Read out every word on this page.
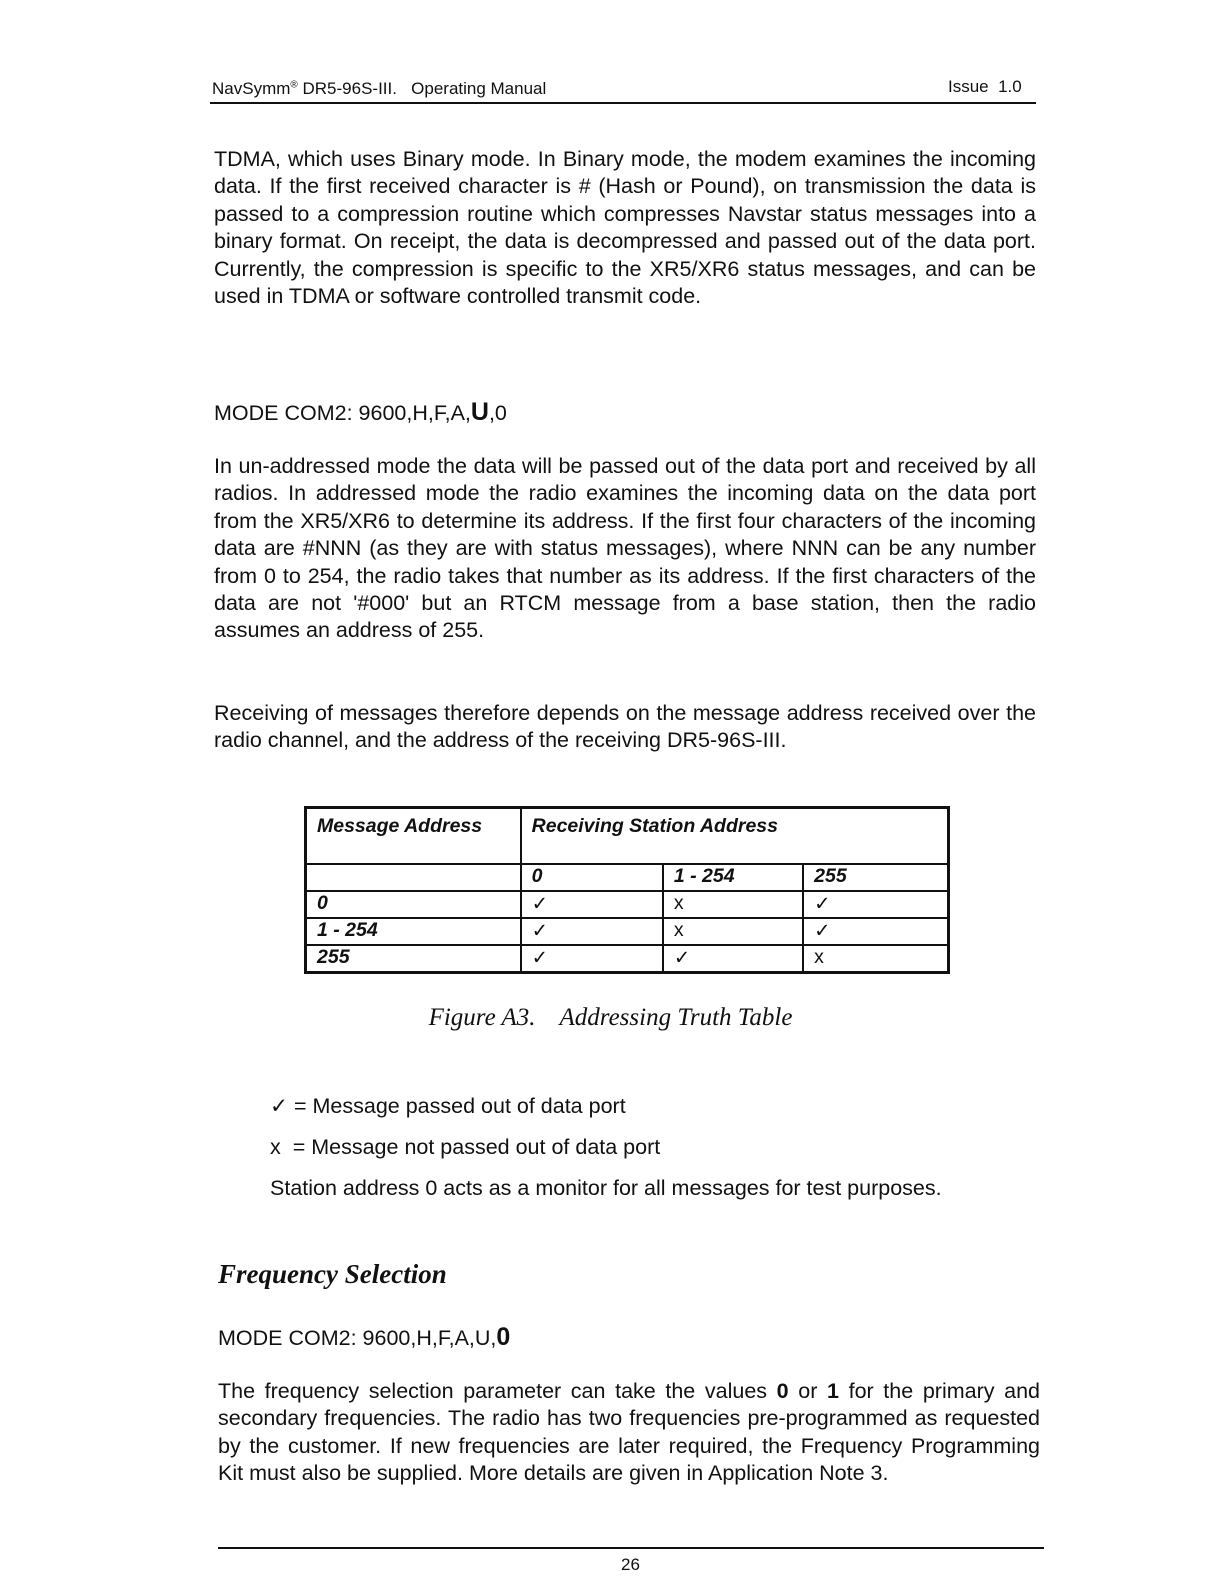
NavSymm® DR5-96S-III.   Operating Manual	Issue  1.0

TDMA, which uses Binary mode. In Binary mode, the modem examines the incoming data. If the first received character is # (Hash or Pound), on transmission the data is passed to a compression routine which compresses Navstar status messages into a binary format. On receipt, the data is decompressed and passed out of the data port. Currently, the compression is specific to the XR5/XR6 status messages, and can be used in TDMA or software controlled transmit code.

MODE COM2: 9600,H,F,A,U,0

In un-addressed mode the data will be passed out of the data port and received by all radios. In addressed mode the radio examines the incoming data on the data port from the XR5/XR6 to determine its address. If the first four characters of the incoming data are #NNN (as they are with status messages), where NNN can be any number from 0 to 254, the radio takes that number as its address. If the first characters of the data are not '#000' but an RTCM message from a base station, then the radio assumes an address of 255.

Receiving of messages therefore depends on the message address received over the radio channel, and the address of the receiving DR5-96S-III.

Message Address	Receiving Station Address		
	0	1 - 254	255
0	✓	x	✓
1 - 254	✓	x	✓
255	✓	✓	x
Figure A3. Addressing Truth Table
✓ = Message passed out of data port
x  = Message not passed out of data port
Station address 0 acts as a monitor for all messages for test purposes.
Frequency Selection
MODE COM2: 9600,H,F,A,U,0

The frequency selection parameter can take the values 0 or 1 for the primary and secondary frequencies. The radio has two frequencies pre-programmed as requested by the customer. If new frequencies are later required, the Frequency Programming Kit must also be supplied. More details are given in Application Note 3.

26
